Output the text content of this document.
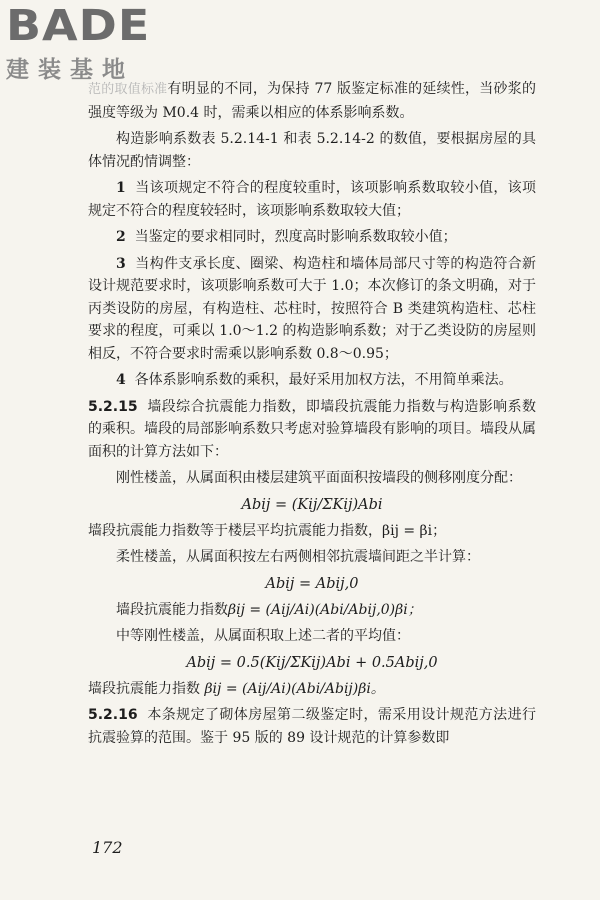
BADE
建装基地

范的取值标准有明显的不同，为保持 77 版鉴定标准的延续性，当砂浆的强度等级为 M0.4 时，需乘以相应的体系影响系数。

构造影响系数表 5.2.14-1 和表 5.2.14-2 的数值，要根据房屋的具体情况酌情调整：

1 当该项规定不符合的程度较重时，该项影响系数取较小值，该项规定不符合的程度较轻时，该项影响系数取较大值；

2 当鉴定的要求相同时，烈度高时影响系数取较小值；

3 当构件支承长度、圈梁、构造柱和墙体局部尺寸等的构造符合新设计规范要求时，该项影响系数可大于 1.0；本次修订的条文明确，对于丙类设防的房屋，有构造柱、芯柱时，按照符合 B 类建筑构造柱、芯柱要求的程度，可乘以 1.0～1.2 的构造影响系数；对于乙类设防的房屋则相反，不符合要求时需乘以影响系数 0.8～0.95；

4 各体系影响系数的乘积，最好采用加权方法，不用简单乘法。

5.2.15 墙段综合抗震能力指数，即墙段抗震能力指数与构造影响系数的乘积。墙段的局部影响系数只考虑对验算墙段有影响的项目。墙段从属面积的计算方法如下：

刚性楼盖，从属面积由楼层建筑平面面积按墙段的侧移刚度分配：

Abij = (Kij/ΣKij)Abi

墙段抗震能力指数等于楼层平均抗震能力指数，βij = βi；

柔性楼盖，从属面积按左右两侧相邻抗震墙间距之半计算：

Abij = Abij,0

墙段抗震能力指数βij = (Aij/Ai)(Abi/Abij,0)βi；

中等刚性楼盖，从属面积取上述二者的平均值：

Abij = 0.5(Kij/ΣKij)Abi + 0.5Abij,0

墙段抗震能力指数 βij = (Aij/Ai)(Abi/Abij)βi。

5.2.16 本条规定了砌体房屋第二级鉴定时，需采用设计规范方法进行抗震验算的范围。鉴于 95 版的 89 设计规范的计算参数即

172
